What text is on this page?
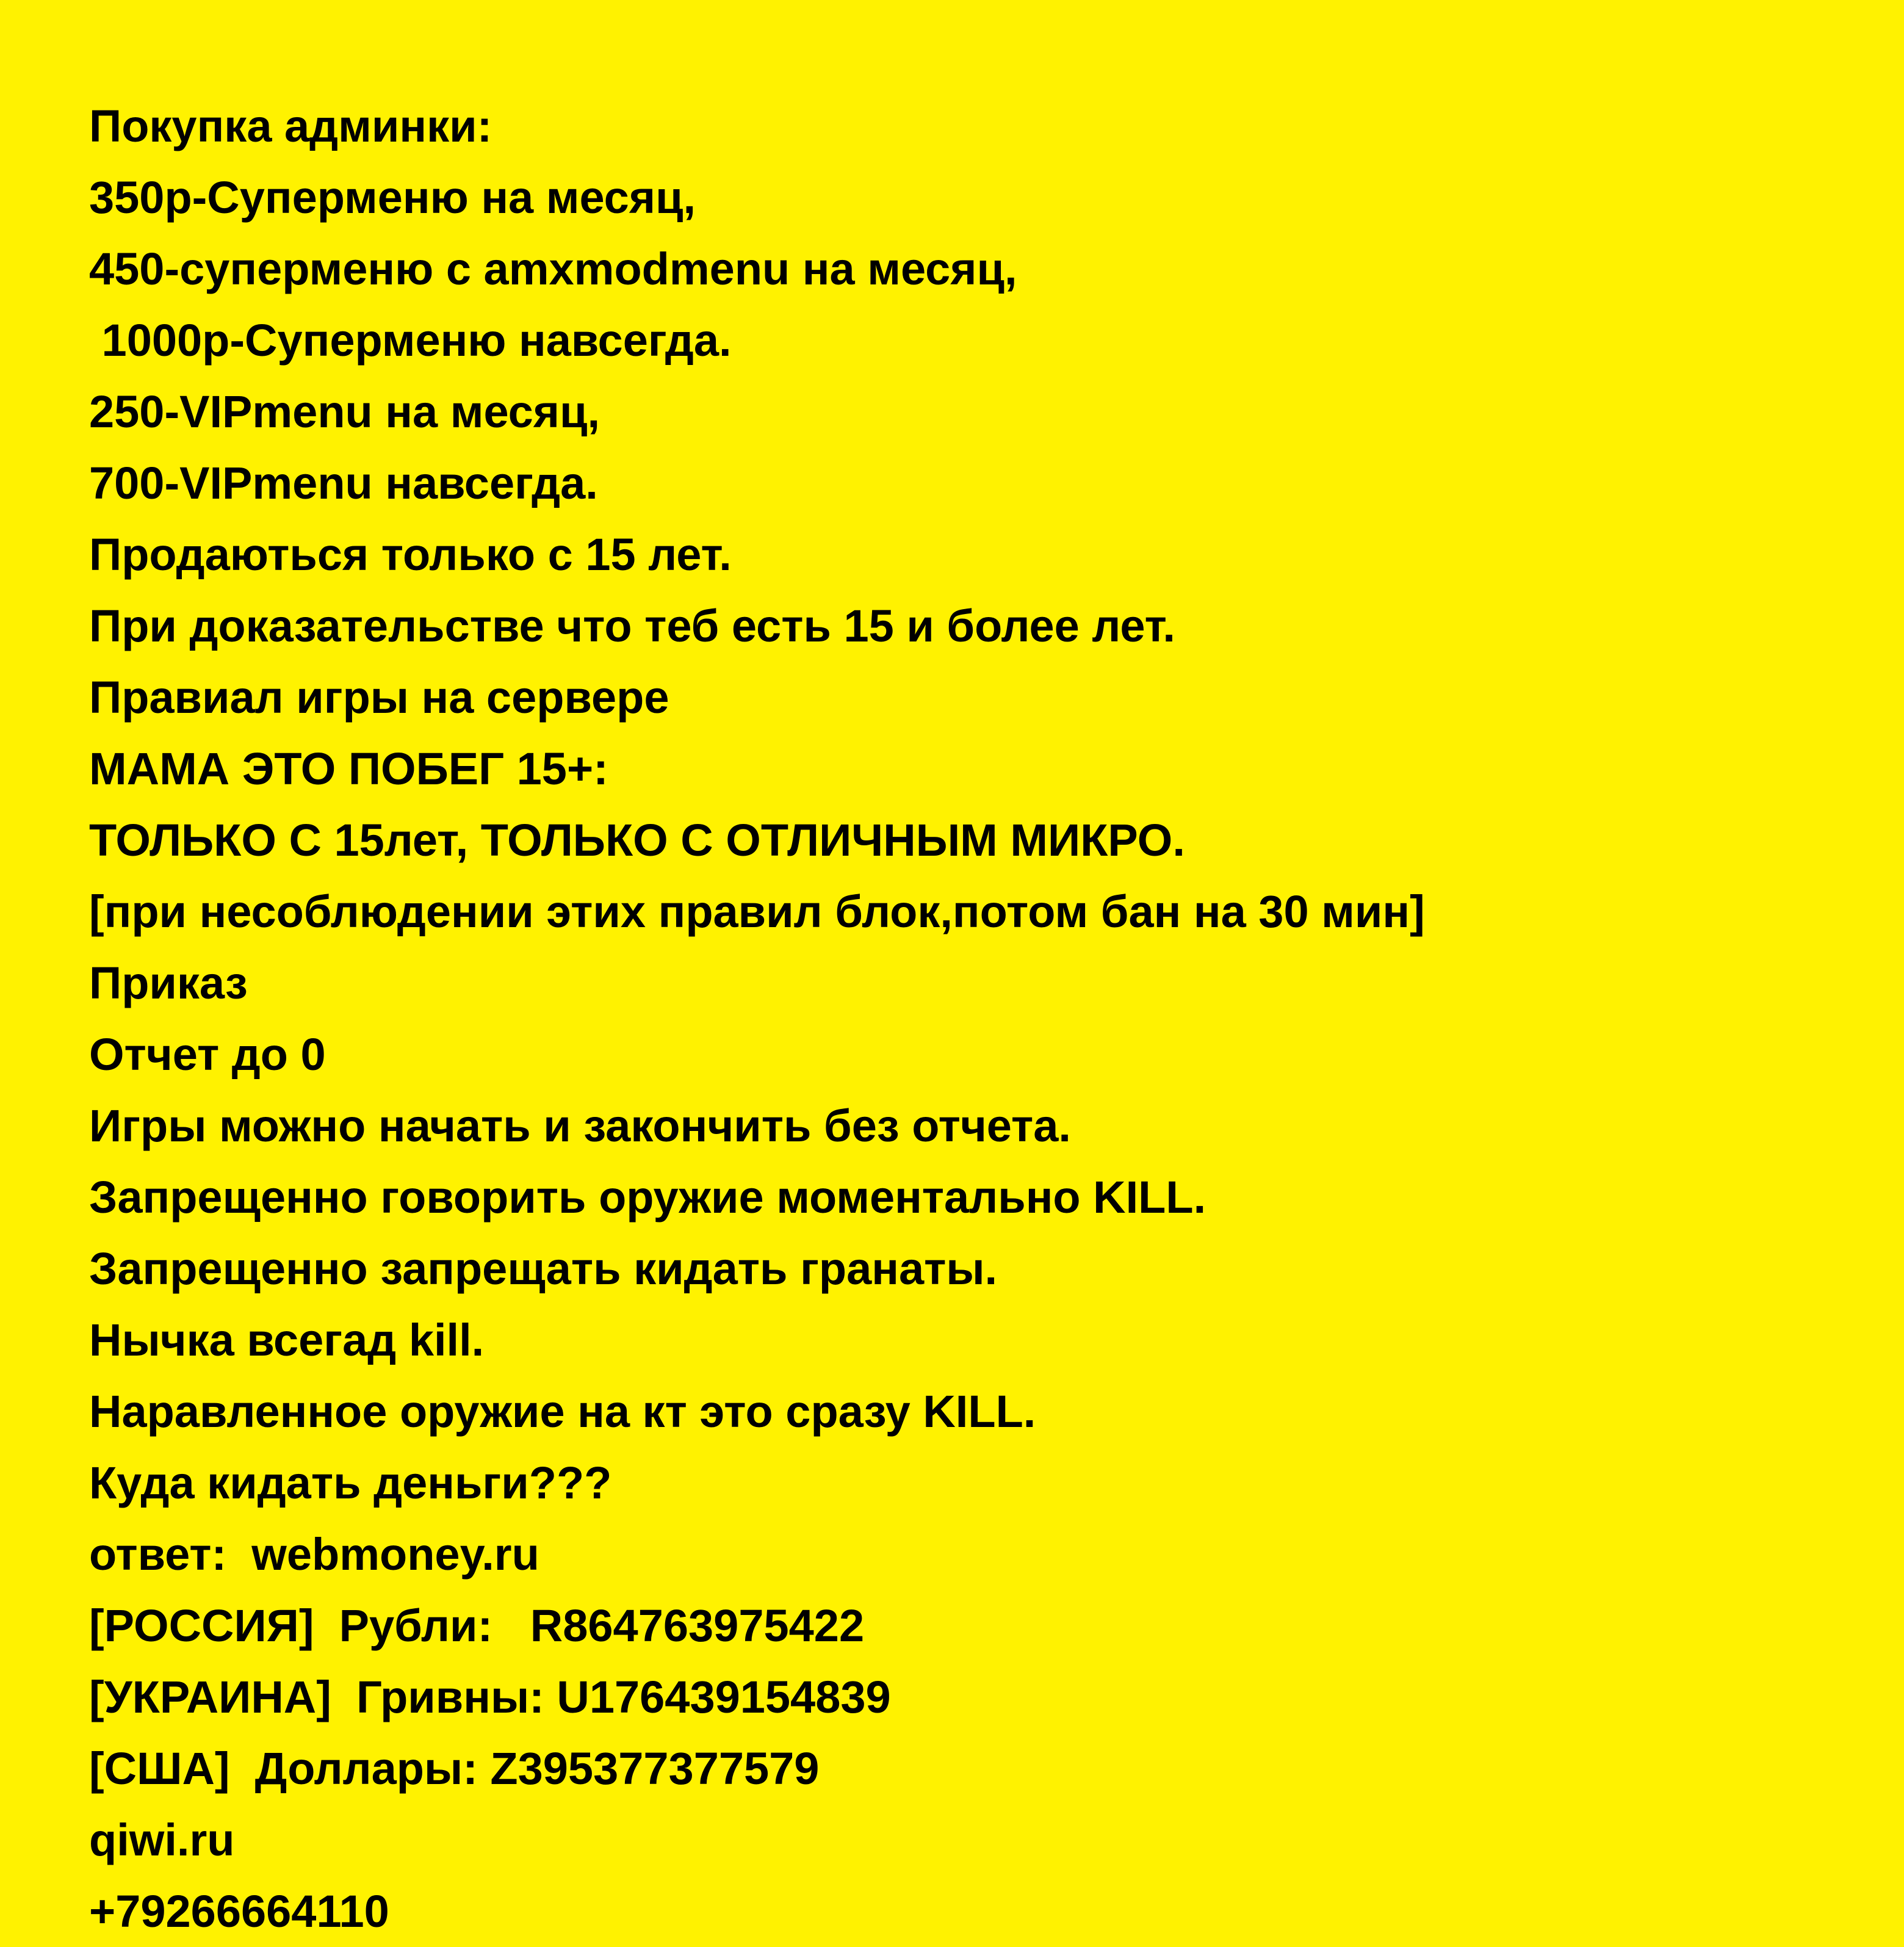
Покупка админки:
350р-Суперменю на месяц,
450-суперменю с amxmodmenu на месяц,
1000р-Суперменю навсегда.
250-VIPmenu на месяц,
700-VIPmenu навсегда.
Продаються только с 15 лет.
При доказательстве что теб есть 15 и более лет.
Правиал игры на сервере
МАМА ЭТО ПОБЕГ 15+:
ТОЛЬКО С 15лет, ТОЛЬКО С ОТЛИЧНЫМ МИКРО.
[при несоблюдении этих правил блок,потом бан на 30 мин]
Приказ
Отчет до 0
Игры можно начать и закончить без отчета.
Запрещенно говорить оружие моментально KILL.
Запрещенно запрещать кидать гранаты.
Нычка всегад kill.
Наравленное оружие на кт это сразу KILL.
Куда кидать деньги???
ответ:  webmoney.ru
[РОССИЯ]  Рубли:   R864763975422
[УКРАИНА]  Гривны: U176439154839
[США]  Доллары: Z395377377579
qiwi.ru
+79266664110
